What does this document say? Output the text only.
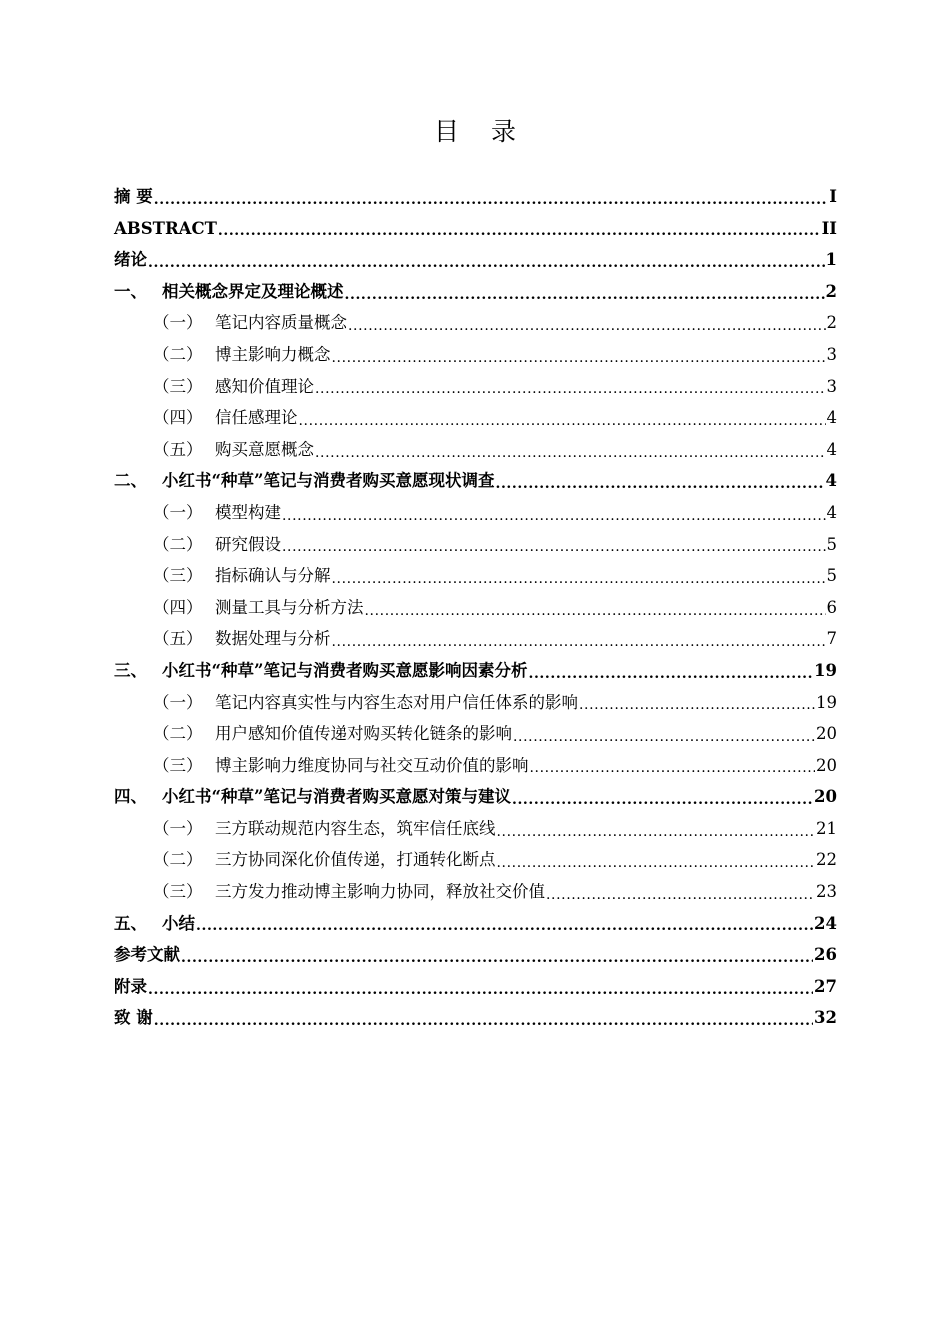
目 录
摘 要 .....	I
ABSTRACT .....	II
绪论 .....	1
一、 相关概念界定及理论概述 .....	2
（一） 笔记内容质量概念 .....	2
（二） 博主影响力概念 .....	3
（三） 感知价值理论 .....	3
（四） 信任感理论 .....	4
（五） 购买意愿概念 .....	4
二、 小红书“种草”笔记与消费者购买意愿现状调查 .....	4
（一） 模型构建 .....	4
（二） 研究假设 .....	5
（三） 指标确认与分解 .....	5
（四） 测量工具与分析方法 .....	6
（五） 数据处理与分析 .....	7
三、 小红书“种草”笔记与消费者购买意愿影响因素分析 .....	19
（一） 笔记内容真实性与内容生态对用户信任体系的影响 .....	19
（二） 用户感知价值传递对购买转化链条的影响 .....	20
（三） 博主影响力维度协同与社交互动价值的影响 .....	20
四、 小红书“种草”笔记与消费者购买意愿对策与建议 .....	20
（一） 三方联动规范内容生态，筑牢信任底线 .....	21
（二） 三方协同深化价值传递，打通转化断点 .....	22
（三） 三方发力推动博主影响力协同，释放社交价值 .....	23
五、 小结 .....	24
参考文献 .....	26
附录 .....	27
致 谢 .....	32
